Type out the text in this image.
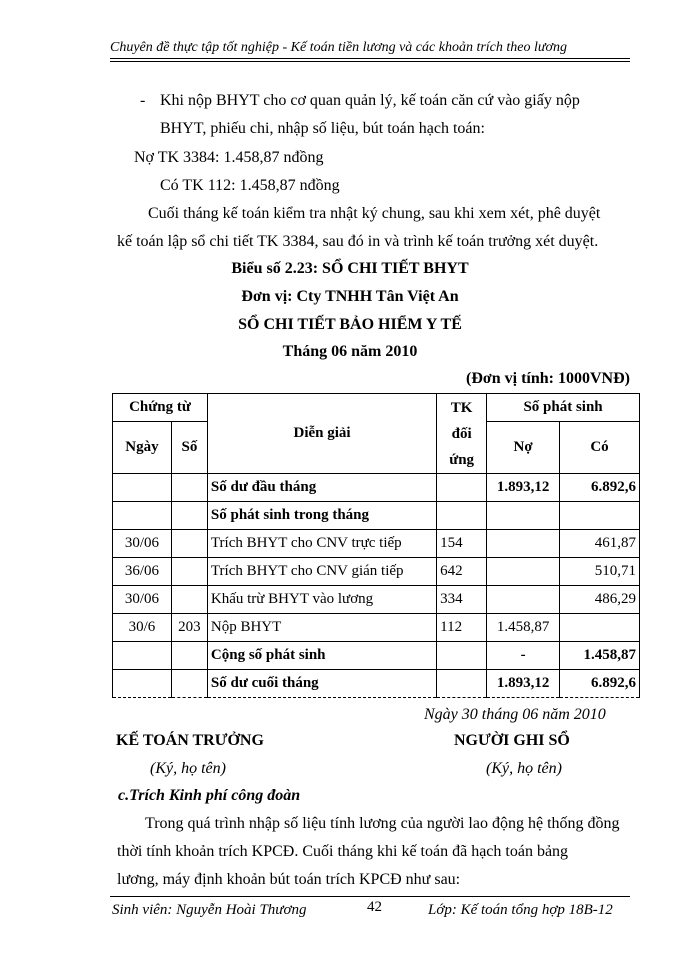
Chuyên đề thực tập tốt nghiệp - Kế toán tiền lương và các khoản trích theo lương
- Khi nộp BHYT cho cơ quan quản lý, kế toán căn cứ vào giấy nộp
BHYT, phiếu chi, nhập số liệu, bút toán hạch toán:
Nợ TK 3384: 1.458,87 nđồng
Có TK 112: 1.458,87 nđồng
Cuối tháng kế toán kiểm tra nhật ký chung, sau khi xem xét, phê duyệt
kế toán lập sổ chi tiết TK 3384, sau đó in và trình kế toán trưởng xét duyệt.
Biểu số 2.23: SỔ CHI TIẾT BHYT
Đơn vị: Cty TNHH Tân Việt An
SỔ CHI TIẾT BẢO HIỂM Y TẾ
Tháng 06 năm 2010
(Đơn vị tính: 1000VNĐ)
Chứng từ		Diễn giải	TK
đối
ứng	Số phát sinh	
Ngày	Số			Nợ	Có
		Số dư đầu tháng		1.893,12	6.892,6
		Số phát sinh trong tháng			
30/06		Trích BHYT cho CNV trực tiếp	154		461,87
36/06		Trích BHYT cho CNV gián tiếp	642		510,71
30/06		Khấu trừ BHYT vào lương	334		486,29
30/6	203	Nộp BHYT	112	1.458,87	
		Cộng số phát sinh		-	1.458,87
		Số dư cuối tháng		1.893,12	6.892,6
Ngày 30 tháng 06 năm 2010
KẾ TOÁN TRƯỞNG
(Ký, họ tên)
NGƯỜI GHI SỔ
(Ký, họ tên)
c.Trích Kinh phí công đoàn
Trong quá trình nhập số liệu tính lương của người lao động hệ thống đồng
thời tính khoản trích KPCĐ. Cuối tháng khi kế toán đã hạch toán bảng
lương, máy định khoản bút toán trích KPCĐ như sau:
Sinh viên: Nguyễn Hoài Thương	42	Lớp: Kế toán tổng hợp 18B-12
